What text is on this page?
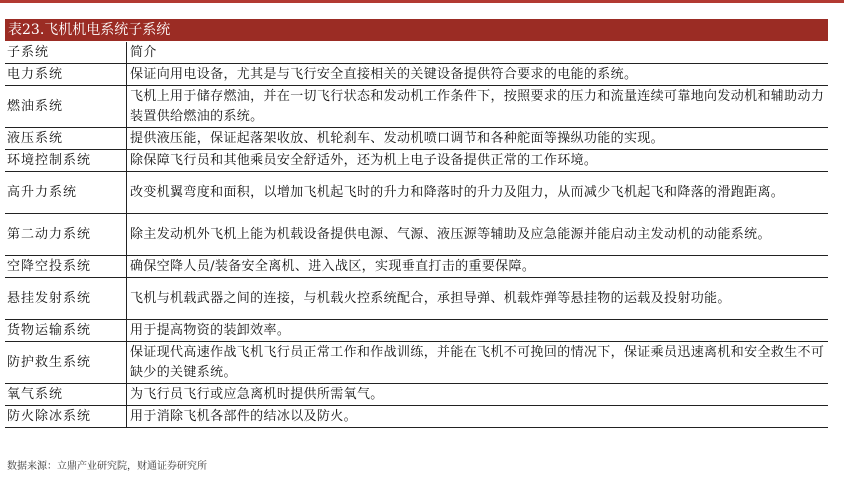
表23.飞机机电系统子系统
子系统	简介
电力系统	保证向用电设备，尤其是与飞行安全直接相关的关键设备提供符合要求的电能的系统。
燃油系统	飞机上用于储存燃油，并在一切飞行状态和发动机工作条件下，按照要求的压力和流量连续可靠地向发动机和辅助动力装置供给燃油的系统。
液压系统	提供液压能，保证起落架收放、机轮刹车、发动机喷口调节和各种舵面等操纵功能的实现。
环境控制系统	除保障飞行员和其他乘员安全舒适外，还为机上电子设备提供正常的工作环境。
高升力系统	改变机翼弯度和面积，以增加飞机起飞时的升力和降落时的升力及阻力，从而减少飞机起飞和降落的滑跑距离。
第二动力系统	除主发动机外飞机上能为机载设备提供电源、气源、液压源等辅助及应急能源并能启动主发动机的动能系统。
空降空投系统	确保空降人员/装备安全离机、进入战区，实现垂直打击的重要保障。
悬挂发射系统	飞机与机载武器之间的连接，与机载火控系统配合，承担导弹、机载炸弹等悬挂物的运载及投射功能。
货物运输系统	用于提高物资的装卸效率。
防护救生系统	保证现代高速作战飞机飞行员正常工作和作战训练，并能在飞机不可挽回的情况下，保证乘员迅速离机和安全救生不可缺少的关键系统。
氧气系统	为飞行员飞行或应急离机时提供所需氧气。
防火除冰系统	用于消除飞机各部件的结冰以及防火。
数据来源：立鼎产业研究院，财通证券研究所
